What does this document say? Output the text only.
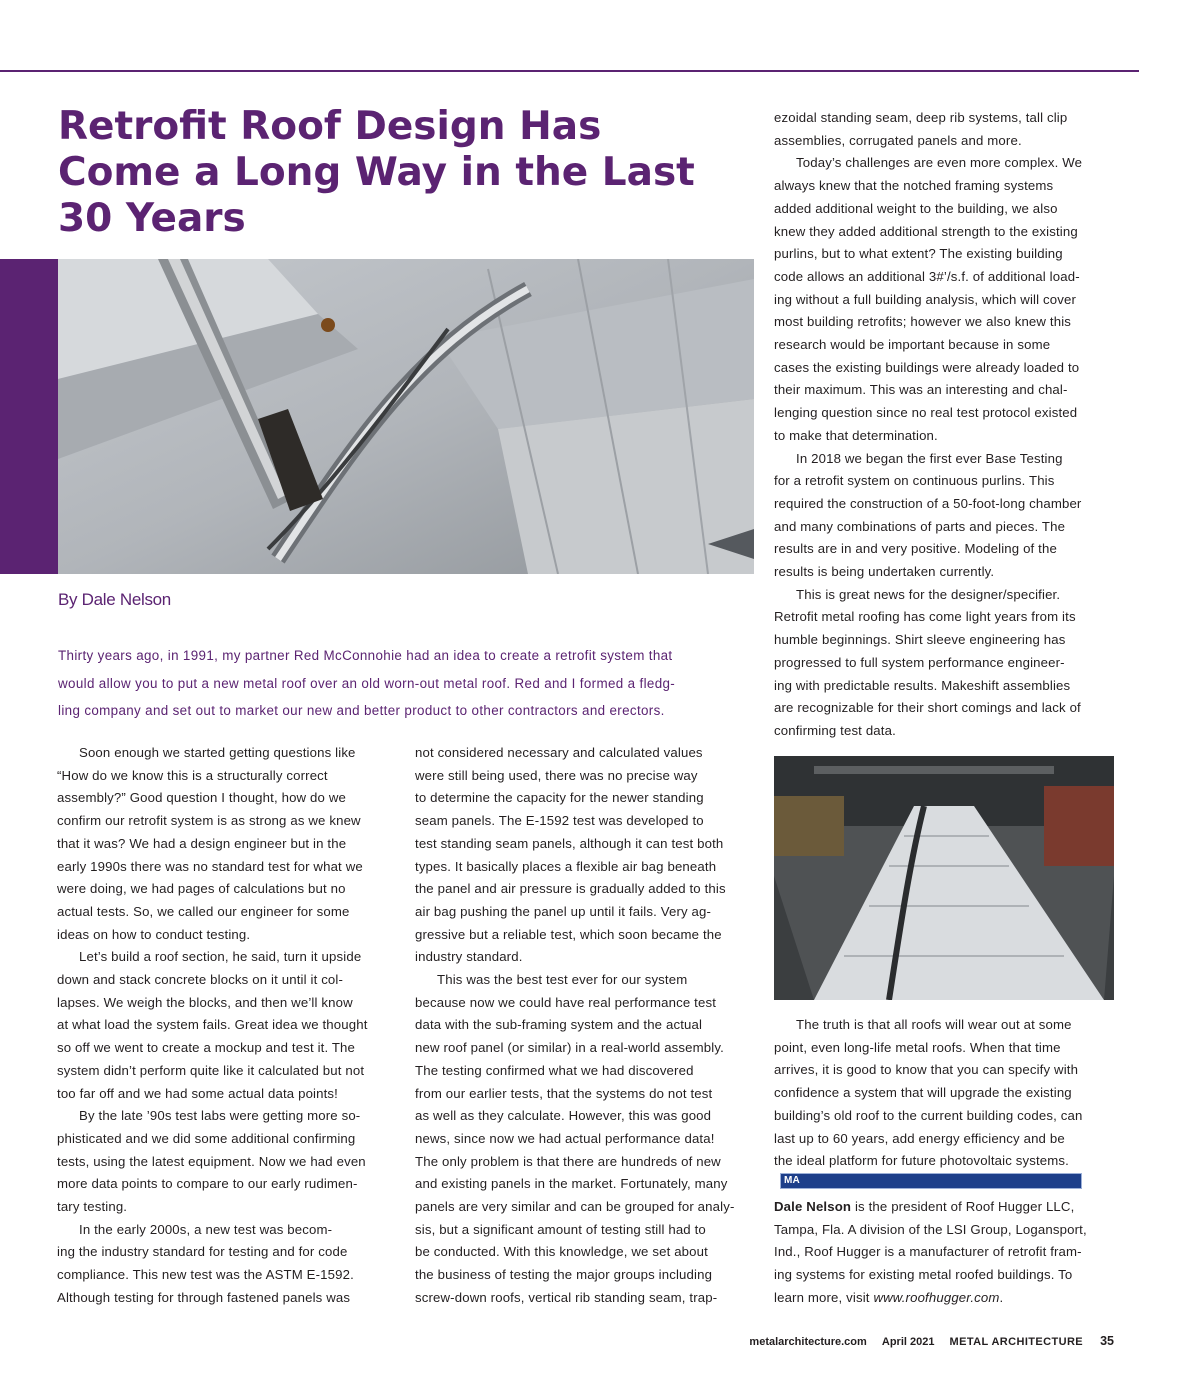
Retrofit Roof Design Has
Come a Long Way in the Last
30 Years

By Dale Nelson

Thirty years ago, in 1991, my partner Red McConnohie had an idea to create a retrofit system that
would allow you to put a new metal roof over an old worn-out metal roof. Red and I formed a fledg-
ling company and set out to market our new and better product to other contractors and erectors.

Soon enough we started getting questions like
“How do we know this is a structurally correct
assembly?” Good question I thought, how do we
confirm our retrofit system is as strong as we knew
that it was? We had a design engineer but in the
early 1990s there was no standard test for what we
were doing, we had pages of calculations but no
actual tests. So, we called our engineer for some
ideas on how to conduct testing.
Let’s build a roof section, he said, turn it upside
down and stack concrete blocks on it until it col-
lapses. We weigh the blocks, and then we’ll know
at what load the system fails. Great idea we thought
so off we went to create a mockup and test it. The
system didn’t perform quite like it calculated but not
too far off and we had some actual data points!
By the late ’90s test labs were getting more so-
phisticated and we did some additional confirming
tests, using the latest equipment. Now we had even
more data points to compare to our early rudimen-
tary testing.
In the early 2000s, a new test was becom-
ing the industry standard for testing and for code
compliance. This new test was the ASTM E-1592.
Although testing for through fastened panels was
not considered necessary and calculated values
were still being used, there was no precise way
to determine the capacity for the newer standing
seam panels. The E-1592 test was developed to
test standing seam panels, although it can test both
types. It basically places a flexible air bag beneath
the panel and air pressure is gradually added to this
air bag pushing the panel up until it fails. Very ag-
gressive but a reliable test, which soon became the
industry standard.
This was the best test ever for our system
because now we could have real performance test
data with the sub-framing system and the actual
new roof panel (or similar) in a real-world assembly.
The testing confirmed what we had discovered
from our earlier tests, that the systems do not test
as well as they calculate. However, this was good
news, since now we had actual performance data!
The only problem is that there are hundreds of new
and existing panels in the market. Fortunately, many
panels are very similar and can be grouped for analy-
sis, but a significant amount of testing still had to
be conducted. With this knowledge, we set about
the business of testing the major groups including
screw-down roofs, vertical rib standing seam, trap-
ezoidal standing seam, deep rib systems, tall clip
assemblies, corrugated panels and more.
Today’s challenges are even more complex. We
always knew that the notched framing systems
added additional weight to the building, we also
knew they added additional strength to the existing
purlins, but to what extent? The existing building
code allows an additional 3#’/s.f. of additional load-
ing without a full building analysis, which will cover
most building retrofits; however we also knew this
research would be important because in some
cases the existing buildings were already loaded to
their maximum. This was an interesting and chal-
lenging question since no real test protocol existed
to make that determination.
In 2018 we began the first ever Base Testing
for a retrofit system on continuous purlins. This
required the construction of a 50-foot-long chamber
and many combinations of parts and pieces. The
results are in and very positive. Modeling of the
results is being undertaken currently.
This is great news for the designer/specifier.
Retrofit metal roofing has come light years from its
humble beginnings. Shirt sleeve engineering has
progressed to full system performance engineer-
ing with predictable results. Makeshift assemblies
are recognizable for their short comings and lack of
confirming test data.
The truth is that all roofs will wear out at some
point, even long-life metal roofs. When that time
arrives, it is good to know that you can specify with
confidence a system that will upgrade the existing
building’s old roof to the current building codes, can
last up to 60 years, add energy efficiency and be
the ideal platform for future photovoltaic systems.
MA
Dale Nelson is the president of Roof Hugger LLC,
Tampa, Fla. A division of the LSI Group, Logansport,
Ind., Roof Hugger is a manufacturer of retrofit fram-
ing systems for existing metal roofed buildings. To
learn more, visit www.roofhugger.com.

metalarchitecture.com April 2021 METAL ARCHITECTURE 35
